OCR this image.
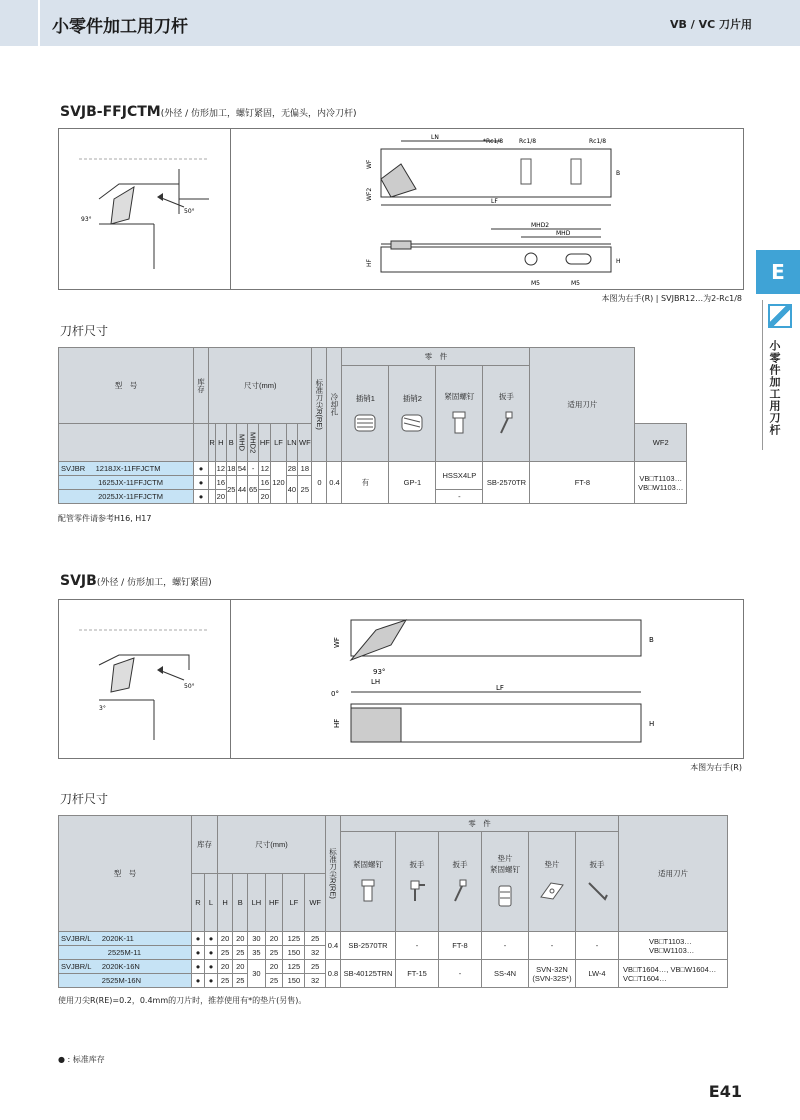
小零件加工用刀杆	VB / VC 刀片用
E
小零件加工用刀杆
SVJB-FFJCTM(外径 / 仿形加工，螺钉紧固，无偏头，内冷刀杆)
50°
93°
LN
*Rc1/8	Rc1/8	Rc1/8
WF
WF2
LF
B
MHD2
MHD
HF	H
M5	M5
本图为右手(R) | SVJBR12…为2-Rc1/8
刀杆尺寸
型　号	库存	尺寸(mm)									标准刀尖R(RE)	冷却孔	零　件				适用刀片	
													插销1	插销2	紧固螺钉	扳手		

		R	H	B	MHD	MHD2	HF	LF	LN	WF								WF2
SVJBR 1218JX-11FFJCTM	●		12	18	54	-	12	120	28	18	0	0.4	有	GP-1	HSSX4LP	SB-2570TR	FT-8	VB□T1103…
VB□W1103…
1625JX-11FFJCTM	●		16	25	44	65	16		40	25								
2025JX-11FFJCTM	●		20				20								-			
配管零件请参考H16, H17
SVJB(外径 / 仿形加工，螺钉紧固)
50°
3°
WF	B
93°
LH
LF
0°
HF	H
本图为右手(R)
刀杆尺寸
型　号	库存		尺寸(mm)						标准刀尖R(RE)	零　件						适用刀片
										紧固螺钉	扳手	扳手	垫片
紧固螺钉	垫片	扳手	

	R	L	H	B	LH	HF	LF	WF								
SVJBR/L 2020K-11	●	●	20	20	30	20	125	25	0.4	SB-2570TR	-	FT-8	-	-	-	VB□T1103…
VB□W1103…
2525M-11	●	●	25	25	35	25	150	32								
SVJBR/L 2020K-16N	●	●	20	20	30	20	125	25	0.8	SB-40125TRN	FT-15	-	SS-4N	SVN-32N
(SVN-32S*)	LW-4	VB□T1604…, VB□W1604…
VC□T1604…
2525M-16N	●	●	25	25		25	150	32								
使用刀尖R(RE)=0.2，0.4mm的刀片时，推荐使用有*的垫片(另售)。
● : 标准库存
E41
